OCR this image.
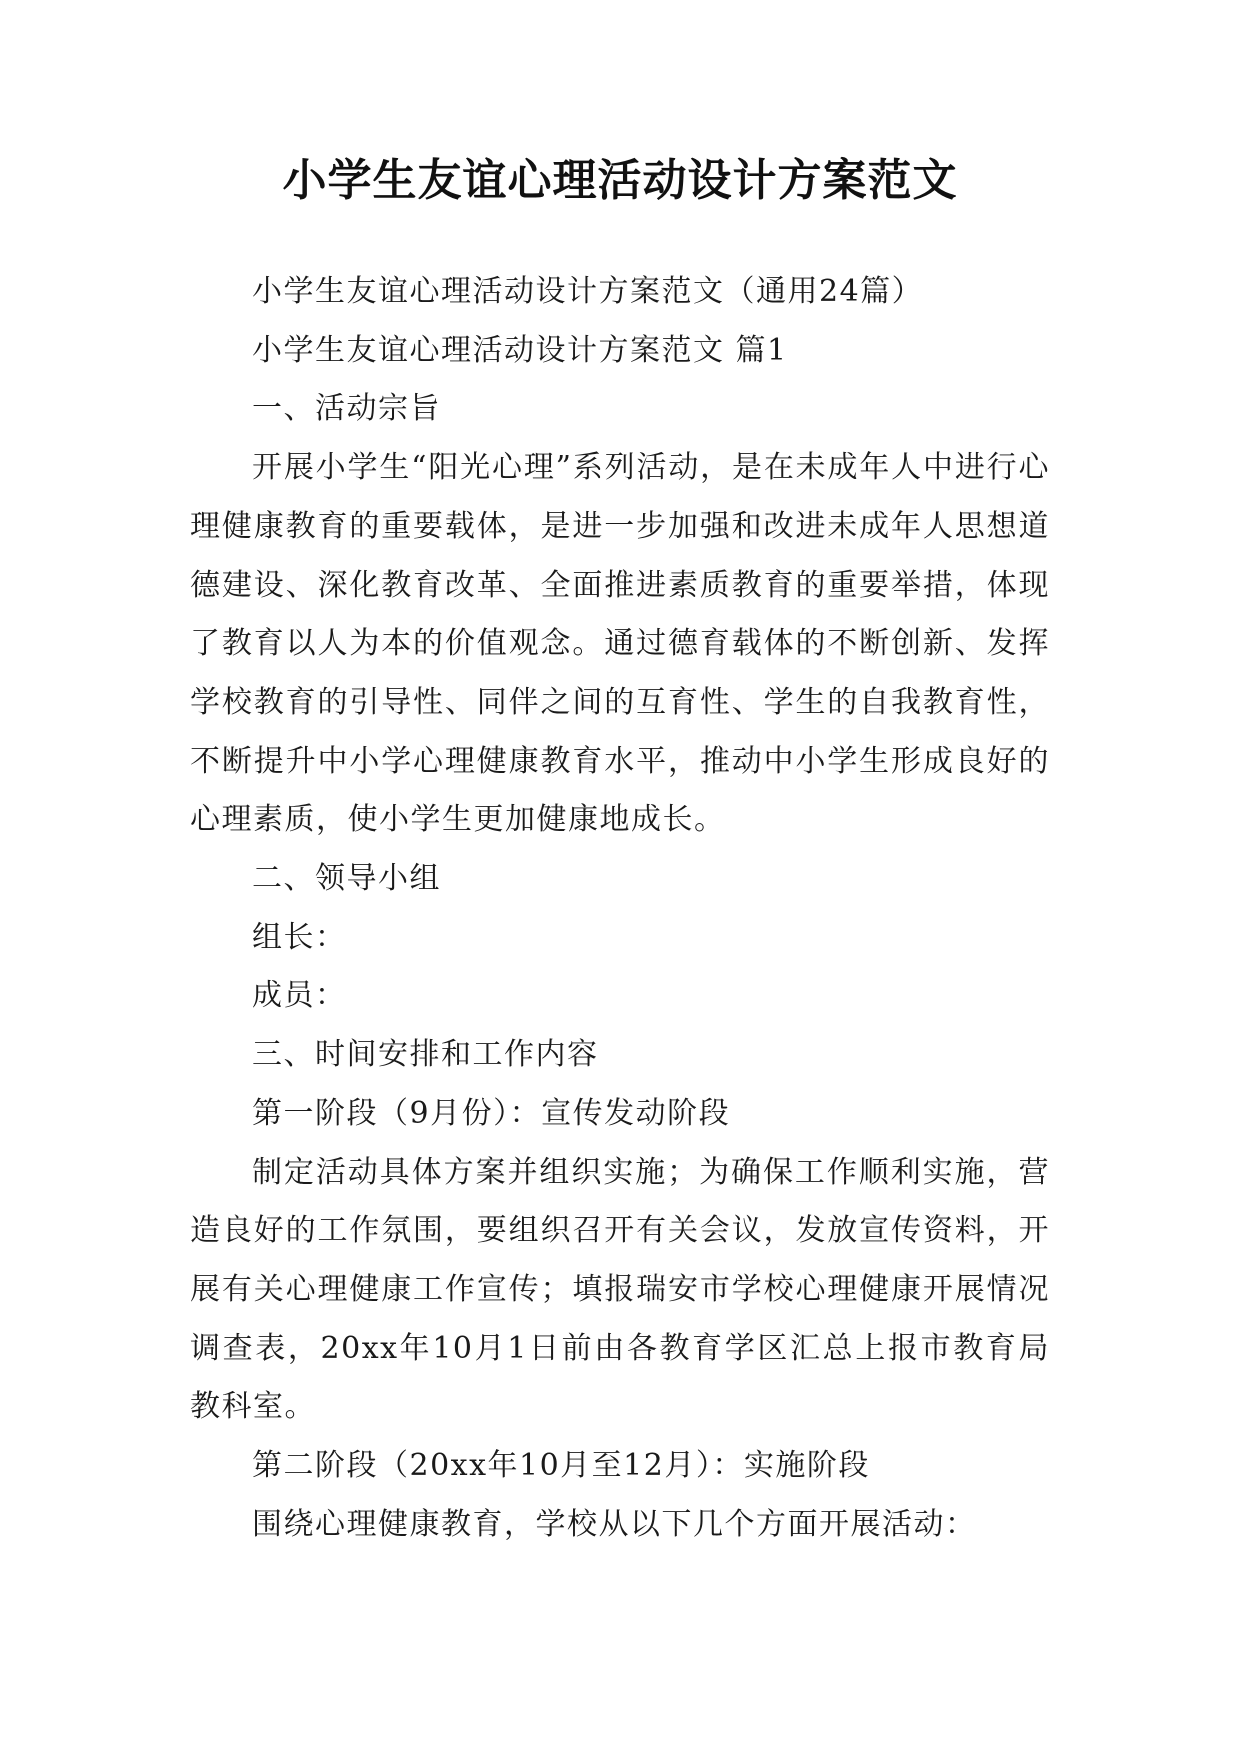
小学生友谊心理活动设计方案范文

小学生友谊心理活动设计方案范文（通用24篇）

小学生友谊心理活动设计方案范文 篇1

一、活动宗旨

开展小学生“阳光心理”系列活动，是在未成年人中进行心理健康教育的重要载体，是进一步加强和改进未成年人思想道德建设、深化教育改革、全面推进素质教育的重要举措，体现了教育以人为本的价值观念。通过德育载体的不断创新、发挥学校教育的引导性、同伴之间的互育性、学生的自我教育性，不断提升中小学心理健康教育水平，推动中小学生形成良好的心理素质，使小学生更加健康地成长。

二、领导小组

组长：

成员：

三、时间安排和工作内容

第一阶段（9月份）：宣传发动阶段

制定活动具体方案并组织实施；为确保工作顺利实施，营造良好的工作氛围，要组织召开有关会议，发放宣传资料，开展有关心理健康工作宣传；填报瑞安市学校心理健康开展情况调查表，20xx年10月1日前由各教育学区汇总上报市教育局教科室。

第二阶段（20xx年10月至12月）：实施阶段

围绕心理健康教育，学校从以下几个方面开展活动：
